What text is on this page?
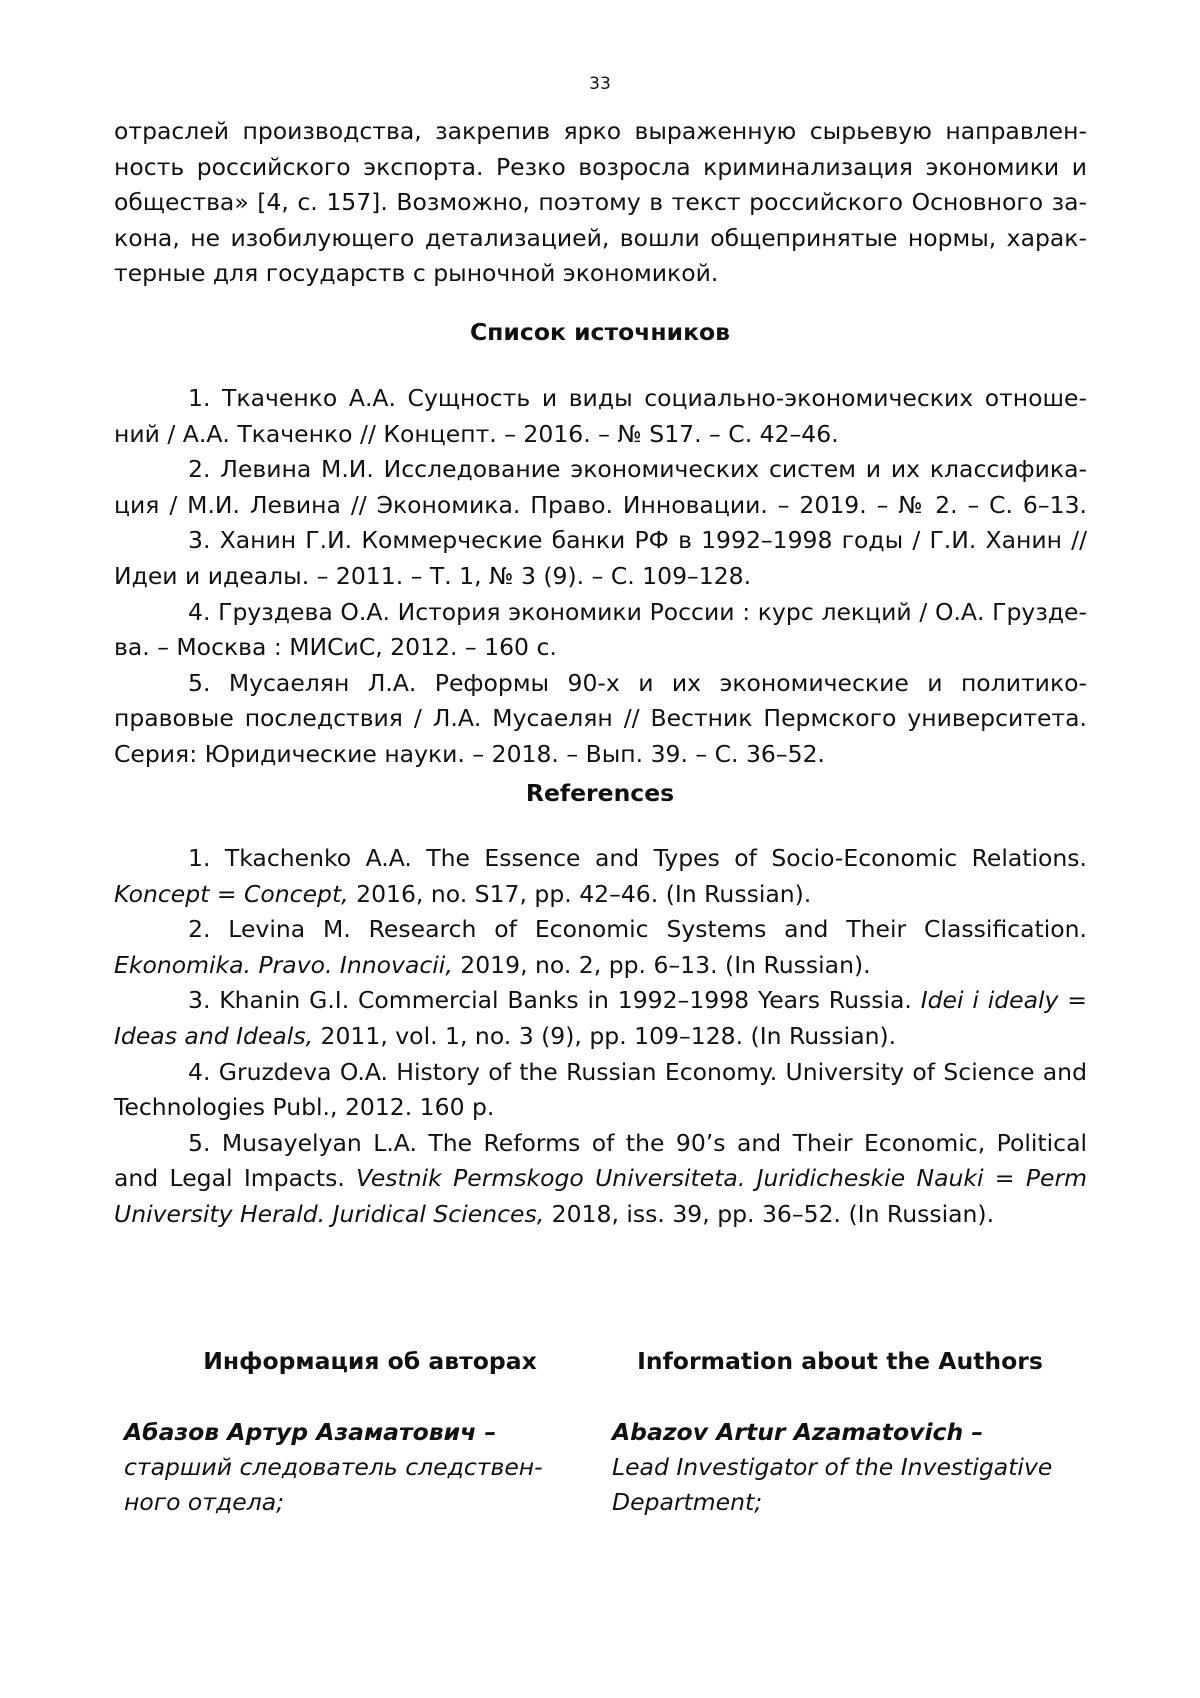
33
отраслей производства, закрепив ярко выраженную сырьевую направлен-
ность российского экспорта. Резко возросла криминализация экономики и
общества» [4, с. 157]. Возможно, поэтому в текст российского Основного за-
кона, не изобилующего детализацией, вошли общепринятые нормы, харак-
терные для государств с рыночной экономикой.
Список источников
1. Ткаченко А.А. Сущность и виды социально-экономических отноше-
ний / А.А. Ткаченко // Концепт. – 2016. – № S17. – С. 42–46.
2. Левина М.И. Исследование экономических систем и их классифика-
ция / М.И. Левина // Экономика. Право. Инновации. – 2019. – № 2. – С. 6–13.
3. Ханин Г.И. Коммерческие банки РФ в 1992–1998 годы / Г.И. Ханин //
Идеи и идеалы. – 2011. – Т. 1, № 3 (9). – С. 109–128.
4. Груздева О.А. История экономики России : курс лекций / О.А. Грузде-
ва. – Москва : МИСиС, 2012. – 160 с.
5. Мусаелян Л.А. Реформы 90-х и их экономические и политико-
правовые последствия / Л.А. Мусаелян // Вестник Пермского университета.
Серия: Юридические науки. – 2018. – Вып. 39. – С. 36–52.
References
1. Tkachenko A.A. The Essence and Types of Socio-Economic Relations.
Koncept = Concept, 2016, no. S17, pp. 42–46. (In Russian).
2. Levina M. Research of Economic Systems and Their Classification.
Ekonomika. Pravo. Innovacii, 2019, no. 2, pp. 6–13. (In Russian).
3. Khanin G.I. Commercial Banks in 1992–1998 Years Russia. Idei i idealy =
Ideas and Ideals, 2011, vol. 1, no. 3 (9), pp. 109–128. (In Russian).
4. Gruzdeva O.A. History of the Russian Economy. University of Science and
Technologies Publ., 2012. 160 p.
5. Musayelyan L.A. The Reforms of the 90’s and Their Economic, Political
and Legal Impacts. Vestnik Permskogo Universiteta. Juridicheskie Nauki = Perm
University Herald. Juridical Sciences, 2018, iss. 39, pp. 36–52. (In Russian).
Информация об авторах	Information about the Authors
Абазов Артур Азаматович –
старший следователь следствен-
ного отдела;
Abazov Artur Azamatovich –
Lead Investigator of the Investigative
Department;
